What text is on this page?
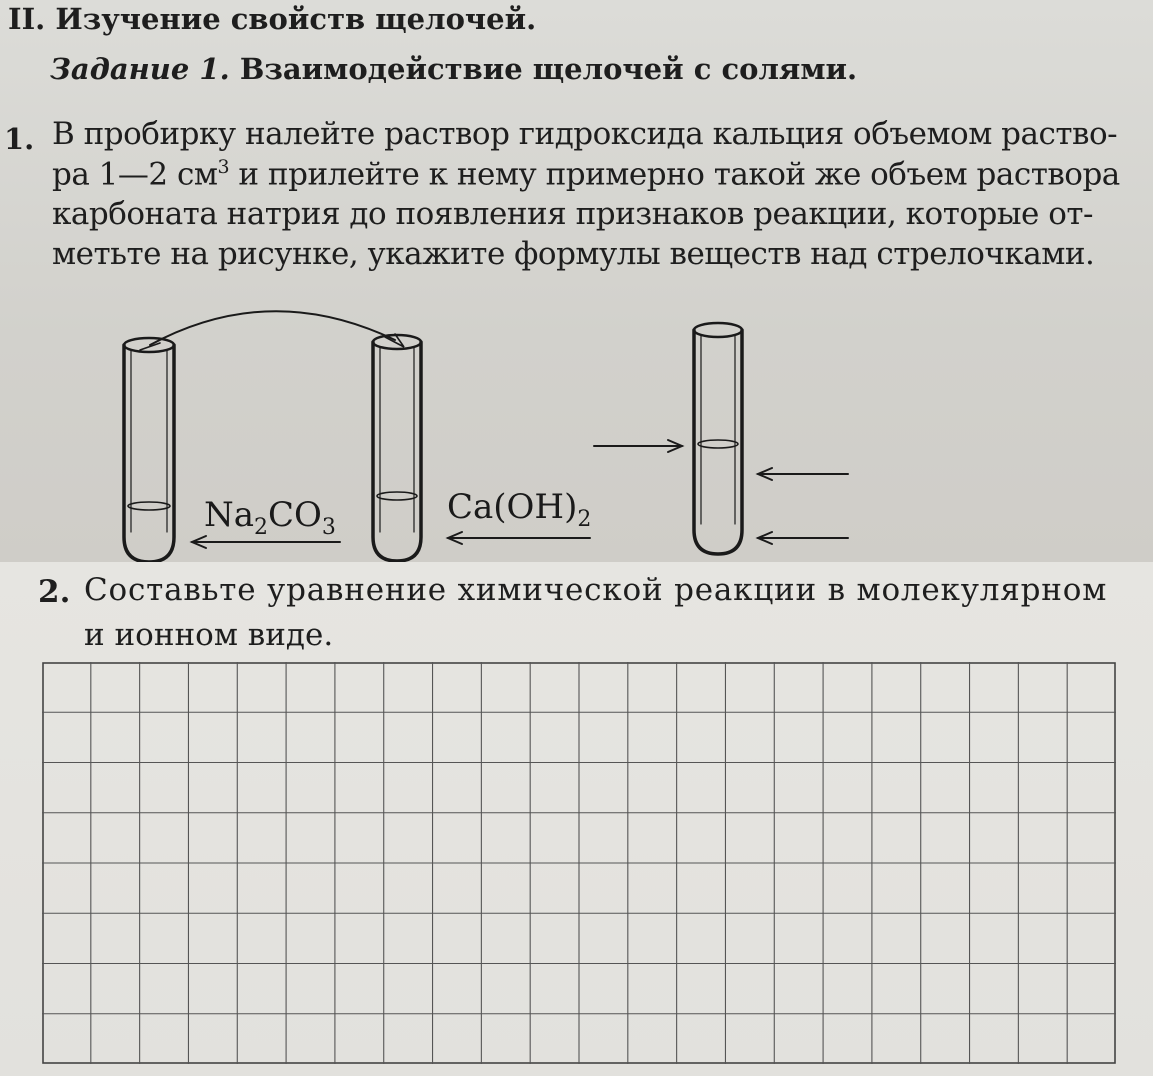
II. Изучение свойств щелочей.
Задание 1. Взаимодействие щелочей с солями.
1. В пробирку налейте раствор гидроксида кальция объемом раство-
ра 1—2 $см^3$ и прилейте к нему примерно такой же объем раствора
карбоната натрия до появления признаков реакции, которые от-
метьте на рисунке, укажите формулы веществ над стрелочками.
$Na_2CO_3$
$Ca(OH)_2$
2. Составьте уравнение химической реакции в молекулярном
и ионном виде.
